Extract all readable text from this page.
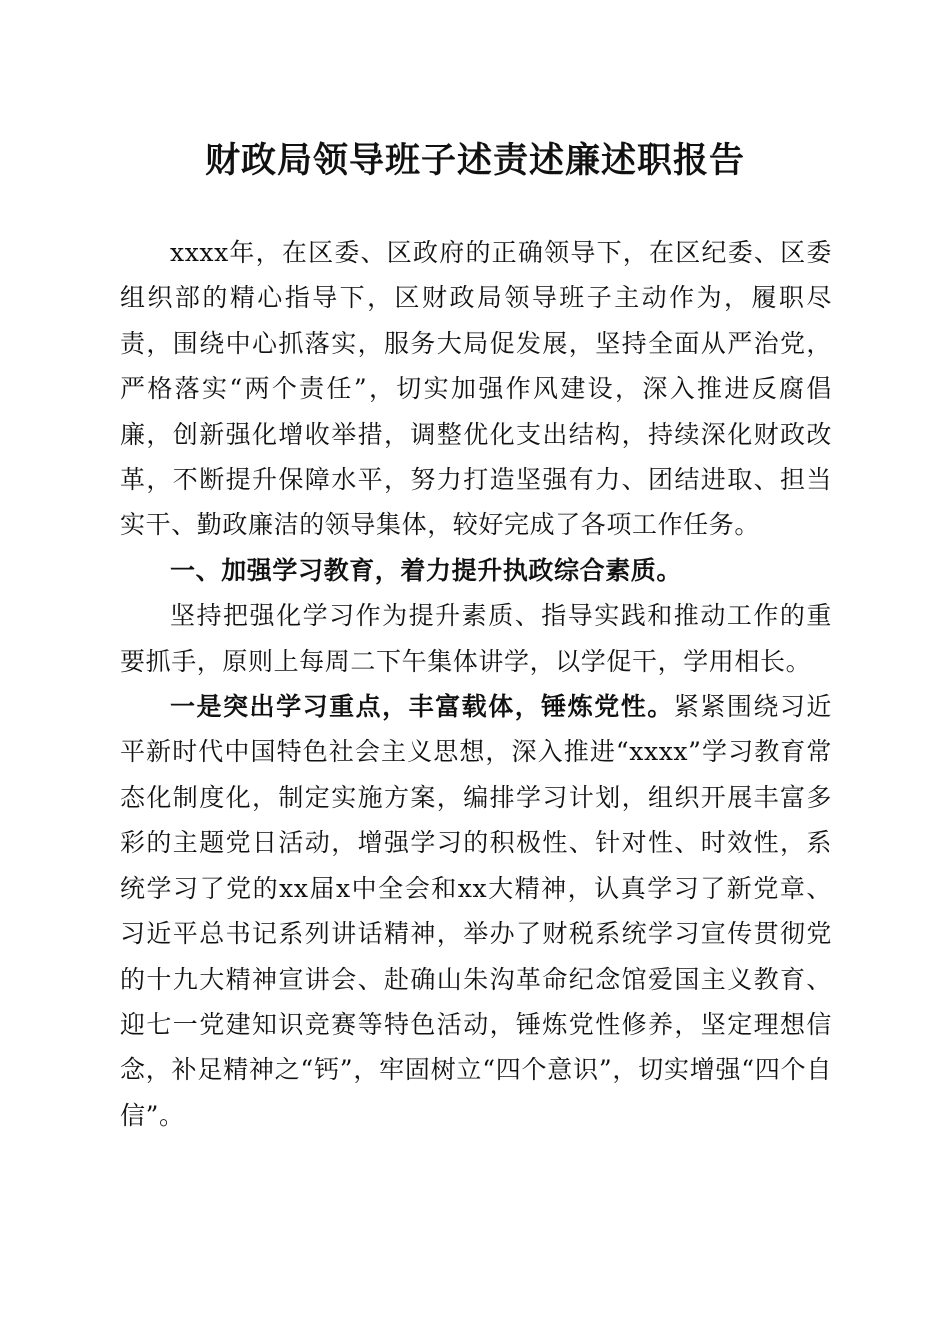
财政局领导班子述责述廉述职报告

xxxx年，在区委、区政府的正确领导下，在区纪委、区委组织部的精心指导下，区财政局领导班子主动作为，履职尽责，围绕中心抓落实，服务大局促发展，坚持全面从严治党，严格落实“两个责任”，切实加强作风建设，深入推进反腐倡廉，创新强化增收举措，调整优化支出结构，持续深化财政改革，不断提升保障水平，努力打造坚强有力、团结进取、担当实干、勤政廉洁的领导集体，较好完成了各项工作任务。

一、加强学习教育，着力提升执政综合素质。

坚持把强化学习作为提升素质、指导实践和推动工作的重要抓手，原则上每周二下午集体讲学，以学促干，学用相长。

一是突出学习重点，丰富载体，锤炼党性。紧紧围绕习近平新时代中国特色社会主义思想，深入推进“xxxx”学习教育常态化制度化，制定实施方案，编排学习计划，组织开展丰富多彩的主题党日活动，增强学习的积极性、针对性、时效性，系统学习了党的xx届x中全会和xx大精神，认真学习了新党章、习近平总书记系列讲话精神，举办了财税系统学习宣传贯彻党的十九大精神宣讲会、赴确山朱沟革命纪念馆爱国主义教育、迎七一党建知识竞赛等特色活动，锤炼党性修养，坚定理想信念，补足精神之“钙”，牢固树立“四个意识”，切实增强“四个自信”。
